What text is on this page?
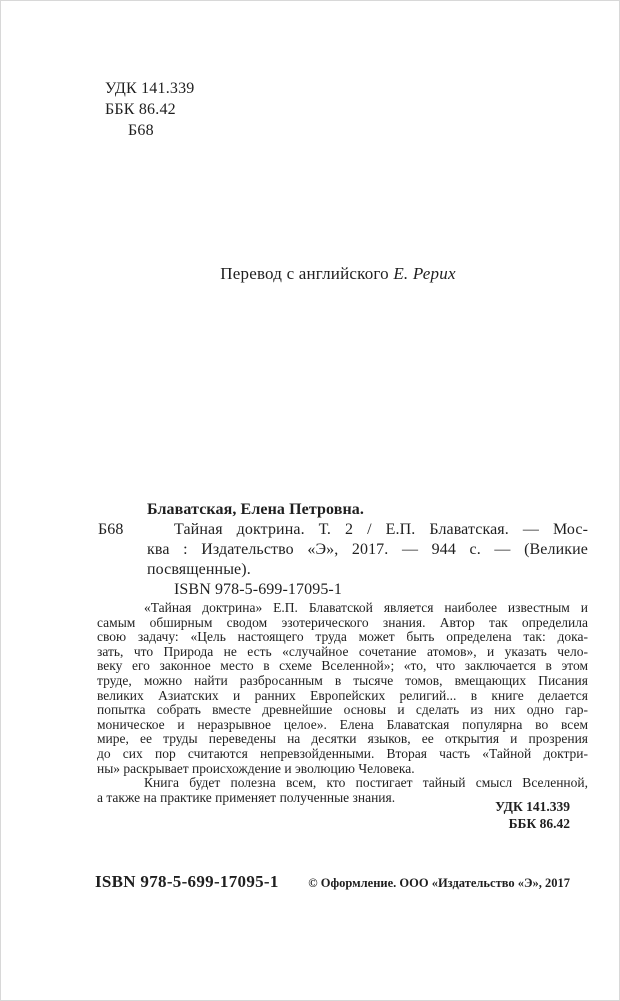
УДК 141.339
ББК 86.42
Б68
Перевод с английского Е. Рерих
Блаватская, Елена Петровна.
Б68	Тайная доктрина. Т. 2 / Е.П. Блаватская. — Мос-
ква : Издательство «Э», 2017. — 944 с. — (Великие
посвященные).
ISBN 978-5-699-17095-1
«Тайная доктрина» Е.П. Блаватской является наиболее известным и
самым обширным сводом эзотерического знания. Автор так определила
свою задачу: «Цель настоящего труда может быть определена так: дока-
зать, что Природа не есть «случайное сочетание атомов», и указать чело-
веку его законное место в схеме Вселенной»; «то, что заключается в этом
труде, можно найти разбросанным в тысяче томов, вмещающих Писания
великих Азиатских и ранних Европейских религий... в книге делается
попытка собрать вместе древнейшие основы и сделать из них одно гар-
моническое и неразрывное целое». Елена Блаватская популярна во всем
мире, ее труды переведены на десятки языков, ее открытия и прозрения
до сих пор считаются непревзойденными. Вторая часть «Тайной доктри-
ны» раскрывает происхождение и эволюцию Человека.
Книга будет полезна всем, кто постигает тайный смысл Вселенной,
а также на практике применяет полученные знания.
УДК 141.339
ББК 86.42
ISBN 978-5-699-17095-1 © Оформление. ООО «Издательство «Э», 2017
